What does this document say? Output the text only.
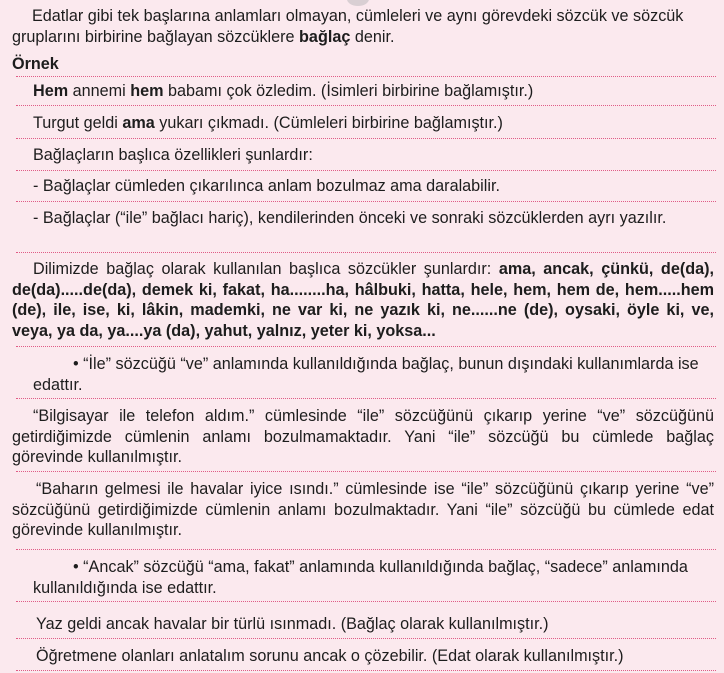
Edatlar gibi tek başlarına anlamları olmayan, cümleleri ve aynı görevdeki sözcük ve sözcük gruplarını birbirine bağlayan sözcüklere bağlaç denir.
Örnek
Hem annemi hem babamı çok özledim. (İsimleri birbirine bağlamıştır.)
Turgut geldi ama yukarı çıkmadı. (Cümleleri birbirine bağlamıştır.)
Bağlaçların başlıca özellikleri şunlardır:
- Bağlaçlar cümleden çıkarılınca anlam bozulmaz ama daralabilir.
- Bağlaçlar (“ile” bağlacı hariç), kendilerinden önceki ve sonraki sözcüklerden ayrı yazılır.
Dilimizde bağlaç olarak kullanılan başlıca sözcükler şunlardır: ama, ancak, çünkü, de(da), de(da).....de(da), demek ki, fakat, ha........ha, hâlbuki, hatta, hele, hem, hem de, hem.....hem (de), ile, ise, ki, lâkin, mademki, ne var ki, ne yazık ki, ne......ne (de), oysaki, öyle ki, ve, veya, ya da, ya....ya (da), yahut, yalnız, yeter ki, yoksa...
• “İle” sözcüğü “ve” anlamında kullanıldığında bağlaç, bunun dışındaki kullanımlarda ise edattır.
“Bilgisayar ile telefon aldım.” cümlesinde “ile” sözcüğünü çıkarıp yerine “ve” sözcüğünü getirdiğimizde cümlenin anlamı bozulmamaktadır. Yani “ile” sözcüğü bu cümlede bağlaç görevinde kullanılmıştır.
“Baharın gelmesi ile havalar iyice ısındı.” cümlesinde ise “ile” sözcüğünü çıkarıp yerine “ve” sözcüğünü getirdiğimizde cümlenin anlamı bozulmaktadır. Yani “ile” sözcüğü bu cümlede edat görevinde kullanılmıştır.
• “Ancak” sözcüğü “ama, fakat” anlamında kullanıldığında bağlaç, “sadece” anlamında kullanıldığında ise edattır.
Yaz geldi ancak havalar bir türlü ısınmadı. (Bağlaç olarak kullanılmıştır.)
Öğretmene olanları anlatalım sorunu ancak o çözebilir. (Edat olarak kullanılmıştır.)
